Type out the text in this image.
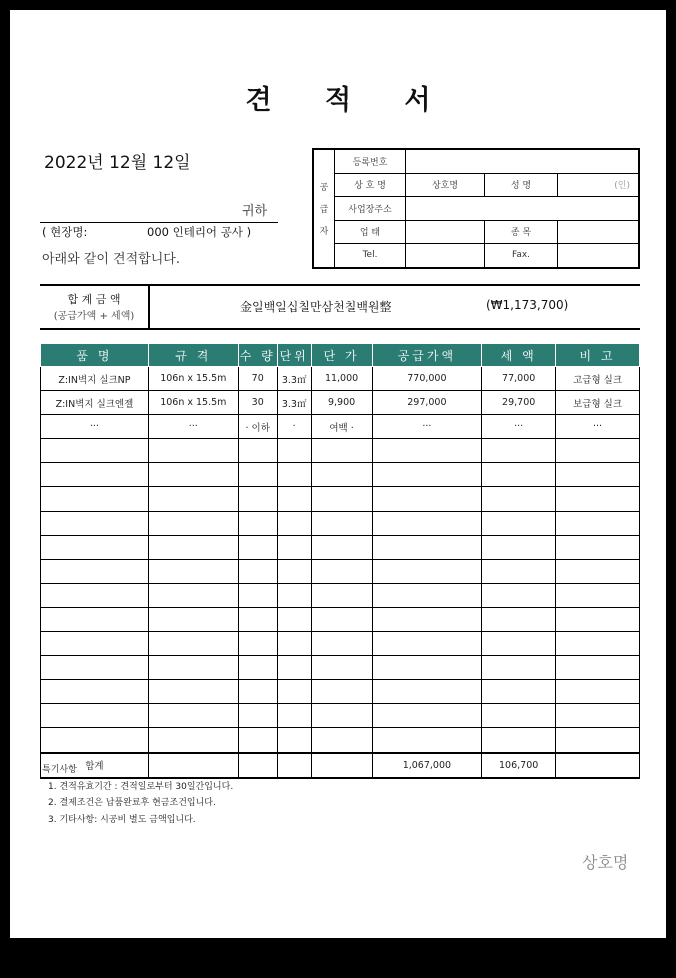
견 적 서
2022년 12월 12일
귀하
( 현장명:	000 인테리어 공사 )
아래와 같이 견적합니다.
공
급
자	등록번호			
	상 호 명	상호명	성 명	(인)
	사업장주소			
	업 태		종 목	
	Tel.		Fax.	
합 계 금 액
(공급가액 + 세액)
金일백일십칠만삼천칠백원整	(₩1,173,700)
품 명	규 격	수 량	단위	단 가	공급가액	세 액	비 고
Z:IN벽지 실크NP	106n x 15.5m	70	3.3㎡	11,000	770,000	77,000	고급형 실크
Z:IN벽지 실크엔젤	106n x 15.5m	30	3.3㎡	9,900	297,000	29,700	보급형 실크
···	···	· 이하	·	여백 ·	···	···	···

합계					1,067,000	106,700	
특기사항
1. 견적유효기간 : 견적일로부터 30일간입니다.
2. 결제조건은 납품완료후 현금조건입니다.
3. 기타사항: 시공비 별도 금액입니다.
상호명
